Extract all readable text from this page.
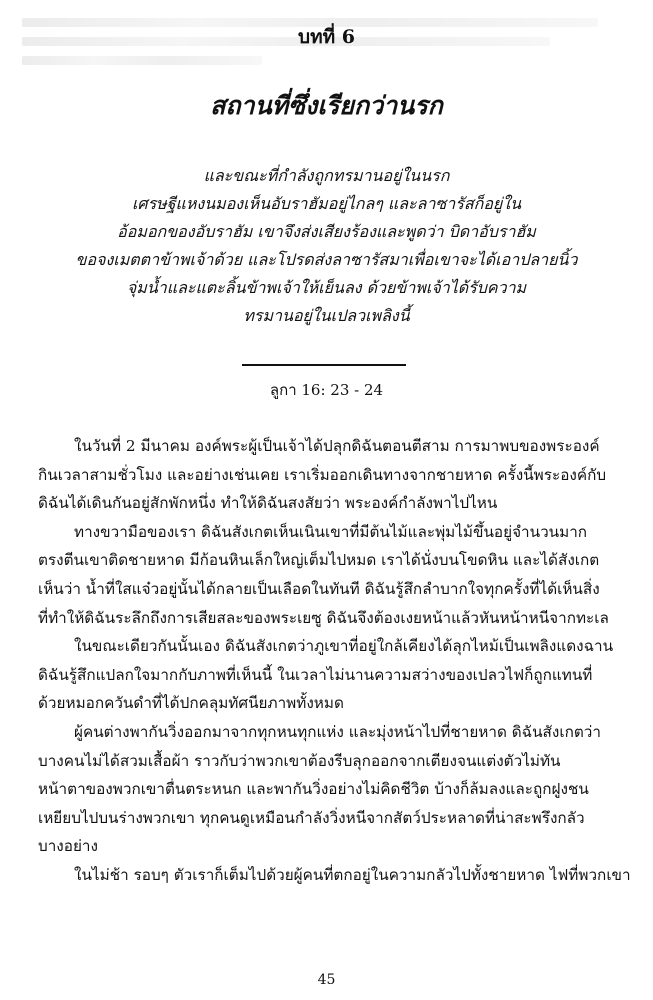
บทที่ 6
สถานที่ซึ่งเรียกว่านรก
และขณะที่กำลังถูกทรมานอยู่ในนรก
เศรษฐีแหงนมองเห็นอับราฮัมอยู่ไกลๆ และลาซารัสก็อยู่ใน
อ้อมอกของอับราฮัม เขาจึงส่งเสียงร้องและพูดว่า บิดาอับราฮัม
ขอจงเมตตาข้าพเจ้าด้วย และโปรดส่งลาซารัสมาเพื่อเขาจะได้เอาปลายนิ้ว
จุ่มน้ำและแตะลิ้นข้าพเจ้าให้เย็นลง ด้วยข้าพเจ้าได้รับความ
ทรมานอยู่ในเปลวเพลิงนี้
ลูกา 16: 23 - 24
ในวันที่ 2 มีนาคม องค์พระผู้เป็นเจ้าได้ปลุกดิฉันตอนตีสาม การมาพบของพระองค์
กินเวลาสามชั่วโมง และอย่างเช่นเคย เราเริ่มออกเดินทางจากชายหาด ครั้งนี้พระองค์กับ
ดิฉันได้เดินกันอยู่สักพักหนึ่ง ทำให้ดิฉันสงสัยว่า พระองค์กำลังพาไปไหน
ทางขวามือของเรา ดิฉันสังเกตเห็นเนินเขาที่มีต้นไม้และพุ่มไม้ขึ้นอยู่จำนวนมาก
ตรงตีนเขาติดชายหาด มีก้อนหินเล็กใหญ่เต็มไปหมด เราได้นั่งบนโขดหิน และได้สังเกต
เห็นว่า น้ำที่ใสแจ๋วอยู่นั้นได้กลายเป็นเลือดในทันที ดิฉันรู้สึกลำบากใจทุกครั้งที่ได้เห็นสิ่ง
ที่ทำให้ดิฉันระลึกถึงการเสียสละของพระเยซู ดิฉันจึงต้องเงยหน้าแล้วหันหน้าหนีจากทะเล
ในขณะเดียวกันนั้นเอง ดิฉันสังเกตว่าภูเขาที่อยู่ใกล้เคียงได้ลุกไหม้เป็นเพลิงแดงฉาน
ดิฉันรู้สึกแปลกใจมากกับภาพที่เห็นนี้ ในเวลาไม่นานความสว่างของเปลวไฟก็ถูกแทนที่
ด้วยหมอกควันดำที่ได้ปกคลุมทัศนียภาพทั้งหมด
ผู้คนต่างพากันวิ่งออกมาจากทุกหนทุกแห่ง และมุ่งหน้าไปที่ชายหาด ดิฉันสังเกตว่า
บางคนไม่ได้สวมเสื้อผ้า ราวกับว่าพวกเขาต้องรีบลุกออกจากเตียงจนแต่งตัวไม่ทัน
หน้าตาของพวกเขาตื่นตระหนก และพากันวิ่งอย่างไม่คิดชีวิต บ้างก็ล้มลงและถูกฝูงชน
เหยียบไปบนร่างพวกเขา ทุกคนดูเหมือนกำลังวิ่งหนีจากสัตว์ประหลาดที่น่าสะพรึงกลัว
บางอย่าง
ในไม่ช้า รอบๆ ตัวเราก็เต็มไปด้วยผู้คนที่ตกอยู่ในความกลัวไปทั้งชายหาด ไฟที่พวกเขา
45
